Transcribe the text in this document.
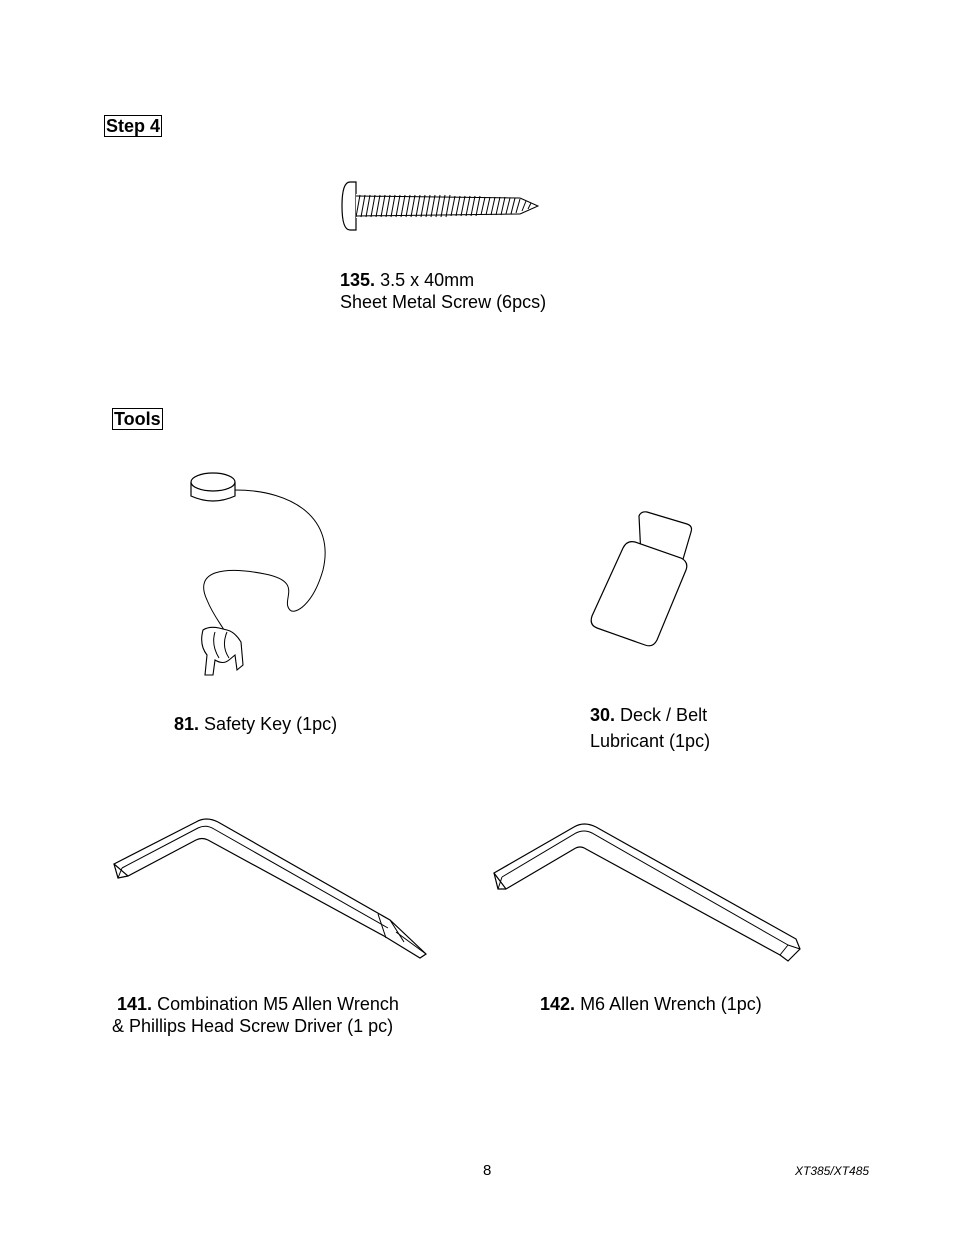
Step 4
135. 3.5 x 40mm
Sheet Metal Screw (6pcs)
Tools
81. Safety Key (1pc)	30. Deck / Belt
Lubricant (1pc)
141. Combination M5 Allen Wrench
& Phillips Head Screw Driver (1 pc)
142. M6 Allen Wrench (1pc)
8	XT385/XT485
